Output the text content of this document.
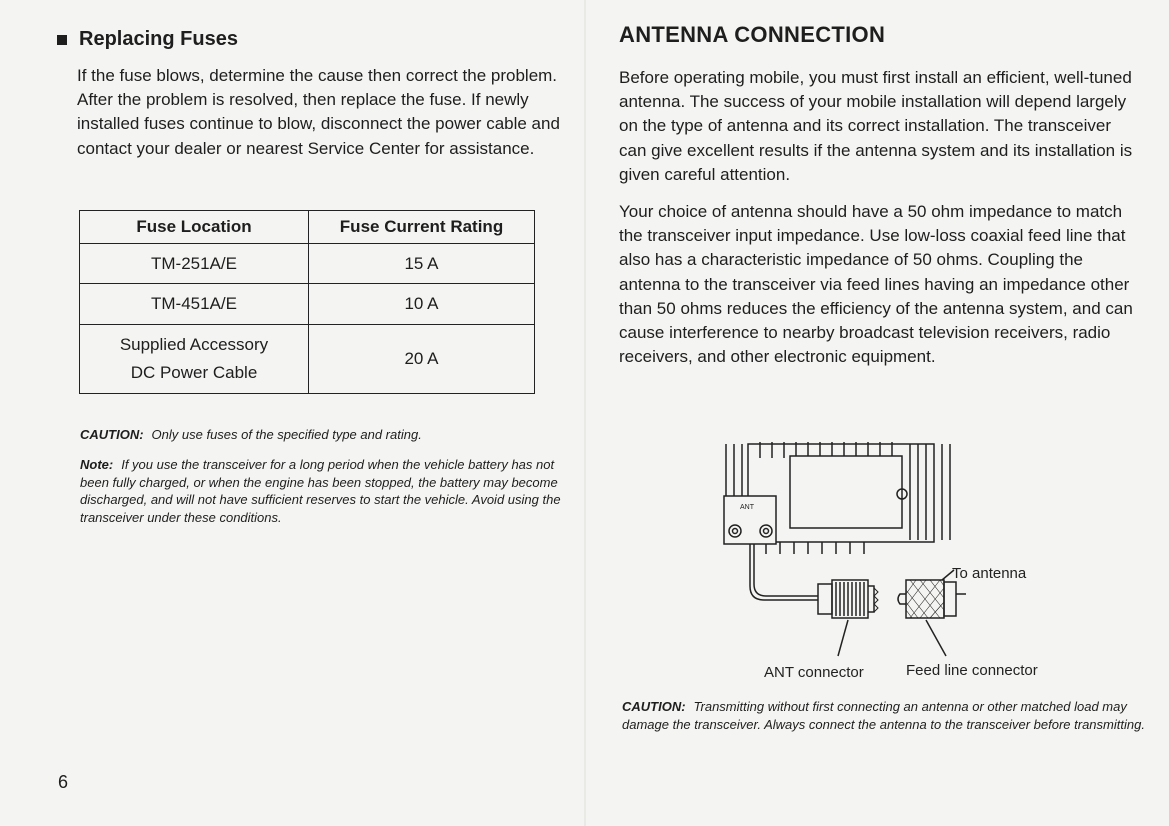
Replacing Fuses

If the fuse blows, determine the cause then correct the problem. After the problem is resolved, then replace the fuse. If newly installed fuses continue to blow, disconnect the power cable and contact your dealer or nearest Service Center for assistance.

Fuse Location	Fuse Current Rating
TM-251A/E	15 A
TM-451A/E	10 A
Supplied Accessory
DC Power Cable	20 A

CAUTION: Only use fuses of the specified type and rating.

Note: If you use the transceiver for a long period when the vehicle battery has not been fully charged, or when the engine has been stopped, the battery may become discharged, and will not have sufficient reserves to start the vehicle. Avoid using the transceiver under these conditions.

6
ANTENNA CONNECTION

Before operating mobile, you must first install an efficient, well-tuned antenna. The success of your mobile installation will depend largely on the type of antenna and its correct installation. The transceiver can give excellent results if the antenna system and its installation is given careful attention.

Your choice of antenna should have a 50 ohm impedance to match the transceiver input impedance. Use low-loss coaxial feed line that also has a characteristic impedance of 50 ohms. Coupling the antenna to the transceiver via feed lines having an impedance other than 50 ohms reduces the efficiency of the antenna system, and can cause interference to nearby broadcast television receivers, radio receivers, and other electronic equipment.

ANT
To antenna
ANT connector	Feed line connector

CAUTION: Transmitting without first connecting an antenna or other matched load may damage the transceiver. Always connect the antenna to the transceiver before transmitting.
